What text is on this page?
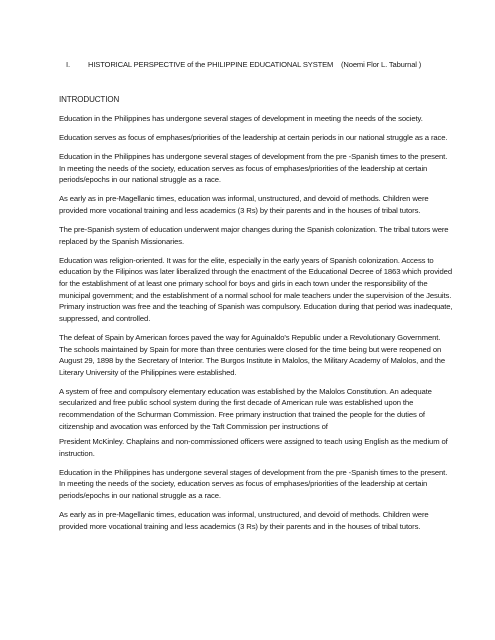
I. HISTORICAL PERSPECTIVE of the PHILIPPINE EDUCATIONAL SYSTEM (Noemi Flor L. Taburnal )
INTRODUCTION

Education in the Philippines has undergone several stages of development in meeting the needs of the society.

Education serves as focus of emphases/priorities of the leadership at certain periods in our national struggle as a race.

Education in the Philippines has undergone several stages of development from the pre -Spanish times to the present. In meeting the needs of the society, education serves as focus of emphases/priorities of the leadership at certain periods/epochs in our national struggle as a race.

As early as in pre-Magellanic times, education was informal, unstructured, and devoid of methods. Children were provided more vocational training and less academics (3 Rs) by their parents and in the houses of tribal tutors.

The pre-Spanish system of education underwent major changes during the Spanish colonization. The tribal tutors were replaced by the Spanish Missionaries.

Education was religion-oriented. It was for the elite, especially in the early years of Spanish colonization. Access to education by the Filipinos was later liberalized through the enactment of the Educational Decree of 1863 which provided for the establishment of at least one primary school for boys and girls in each town under the responsibility of the municipal government; and the establishment of a normal school for male teachers under the supervision of the Jesuits. Primary instruction was free and the teaching of Spanish was compulsory. Education during that period was inadequate, suppressed, and controlled.

The defeat of Spain by American forces paved the way for Aguinaldo's Republic under a Revolutionary Government. The schools maintained by Spain for more than three centuries were closed for the time being but were reopened on August 29, 1898 by the Secretary of Interior. The Burgos Institute in Malolos, the Military Academy of Malolos, and the Literary University of the Philippines were established.

A system of free and compulsory elementary education was established by the Malolos Constitution. An adequate secularized and free public school system during the first decade of American rule was established upon the recommendation of the Schurman Commission. Free primary instruction that trained the people for the duties of citizenship and avocation was enforced by the Taft Commission per instructions of

President McKinley. Chaplains and non-commissioned officers were assigned to teach using English as the medium of instruction.

Education in the Philippines has undergone several stages of development from the pre -Spanish times to the present. In meeting the needs of the society, education serves as focus of emphases/priorities of the leadership at certain periods/epochs in our national struggle as a race.

As early as in pre-Magellanic times, education was informal, unstructured, and devoid of methods. Children were provided more vocational training and less academics (3 Rs) by their parents and in the houses of tribal tutors.
